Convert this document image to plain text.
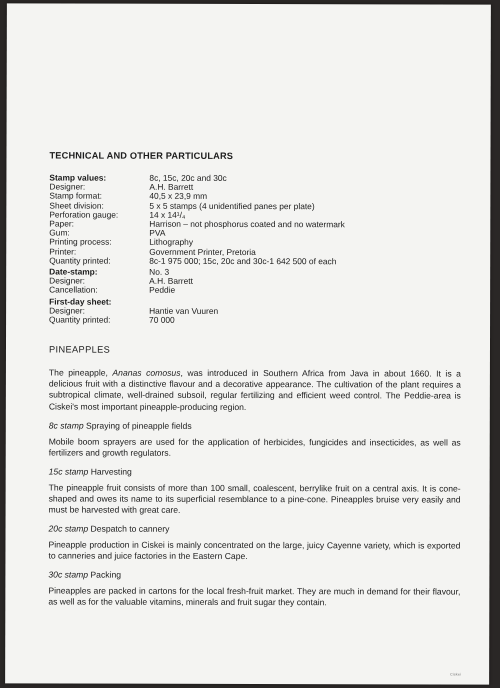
TECHNICAL AND OTHER PARTICULARS
Stamp values:	8c, 15c, 20c and 30c
Designer:	A.H. Barrett
Stamp format:	40,5 x 23,9 mm
Sheet division:	5 x 5 stamps (4 unidentified panes per plate)
Perforation gauge:	14 x 14¹/₄
Paper:	Harrison – not phosphorus coated and no watermark
Gum:	PVA
Printing process:	Lithography
Printer:	Government Printer, Pretoria
Quantity printed:	8c-1 975 000; 15c, 20c and 30c-1 642 500 of each
Date-stamp:	No. 3
Designer:	A.H. Barrett
Cancellation:	Peddie
First-day sheet:
Designer:	Hantie van Vuuren
Quantity printed:	70 000
PINEAPPLES
The pineapple, Ananas comosus, was introduced in Southern Africa from Java in about 1660. It is a delicious fruit with a distinctive flavour and a decorative appearance. The cultivation of the plant requires a subtropical climate, well-drained subsoil, regular fertilizing and efficient weed control. The Peddie-area is Ciskei's most important pineapple-producing region.
8c stamp Spraying of pineapple fields
Mobile boom sprayers are used for the application of herbicides, fungicides and insecticides, as well as fertilizers and growth regulators.
15c stamp Harvesting
The pineapple fruit consists of more than 100 small, coalescent, berrylike fruit on a central axis. It is cone-shaped and owes its name to its superficial resemblance to a pine-cone. Pineapples bruise very easily and must be harvested with great care.
20c stamp Despatch to cannery
Pineapple production in Ciskei is mainly concentrated on the large, juicy Cayenne variety, which is exported to canneries and juice factories in the Eastern Cape.
30c stamp Packing
Pineapples are packed in cartons for the local fresh-fruit market. They are much in demand for their flavour, as well as for the valuable vitamins, minerals and fruit sugar they contain.
Ciskei
